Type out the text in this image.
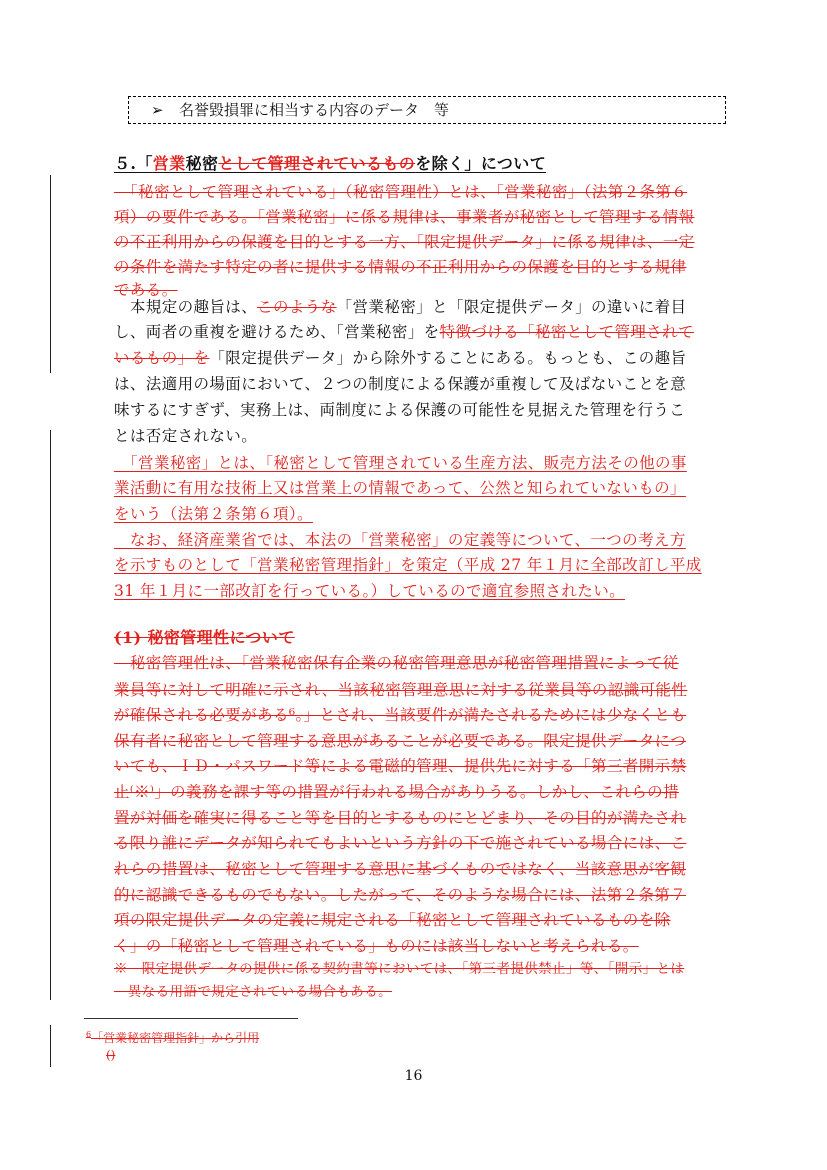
➢ 名誉毀損罪に相当する内容のデータ　等
５.「営業秘密として管理されているものを除く」について
　「秘密として管理されている」（秘密管理性）とは、「営業秘密」（法第２条第６
項）の要件である。「営業秘密」に係る規律は、事業者が秘密として管理する情報
の不正利用からの保護を目的とする一方、「限定提供データ」に係る規律は、一定
の条件を満たす特定の者に提供する情報の不正利用からの保護を目的とする規律
である。
　本規定の趣旨は、このような「営業秘密」と「限定提供データ」の違いに着目
し、両者の重複を避けるため、「営業秘密」を特徴づける「秘密として管理されて
いるもの」を「限定提供データ」から除外することにある。もっとも、この趣旨
は、法適用の場面において、２つの制度による保護が重複して及ばないことを意
味するにすぎず、実務上は、両制度による保護の可能性を見据えた管理を行うこ
とは否定されない。
　「営業秘密」とは、「秘密として管理されている生産方法、販売方法その他の事
業活動に有用な技術上又は営業上の情報であって、公然と知られていないもの」
をいう（法第２条第６項）。
　なお、経済産業省では、本法の「営業秘密」の定義等について、一つの考え方
を示すものとして「営業秘密管理指針」を策定（平成 27 年１月に全部改訂し平成
31 年１月に一部改訂を行っている。）しているので適宜参照されたい。
(1) 秘密管理性について
　秘密管理性は、「営業秘密保有企業の秘密管理意思が秘密管理措置によって従
業員等に対して明確に示され、当該秘密管理意思に対する従業員等の認識可能性
が確保される必要がある⁶。」とされ、当該要件が満たされるためには少なくとも
保有者に秘密として管理する意思があることが必要である。限定提供データにつ
いても、ＩＤ・パスワード等による電磁的管理、提供先に対する「第三者開示禁
止⁽※⁾」の義務を課す等の措置が行われる場合がありうる。しかし、これらの措
置が対価を確実に得ること等を目的とするものにとどまり、その目的が満たされ
る限り誰にデータが知られてもよいという方針の下で施されている場合には、こ
れらの措置は、秘密として管理する意思に基づくものではなく、当該意思が客観
的に認識できるものでもない。したがって、そのような場合には、法第２条第７
項の限定提供データの定義に規定される「秘密として管理されているものを除
く」の「秘密として管理されている」ものには該当しないと考えられる。
※　限定提供データの提供に係る契約書等においては、「第三者提供禁止」等、「開示」とは
　異なる用語で規定されている場合もある。
$^6$「営業秘密管理指針」から引用
()
16
